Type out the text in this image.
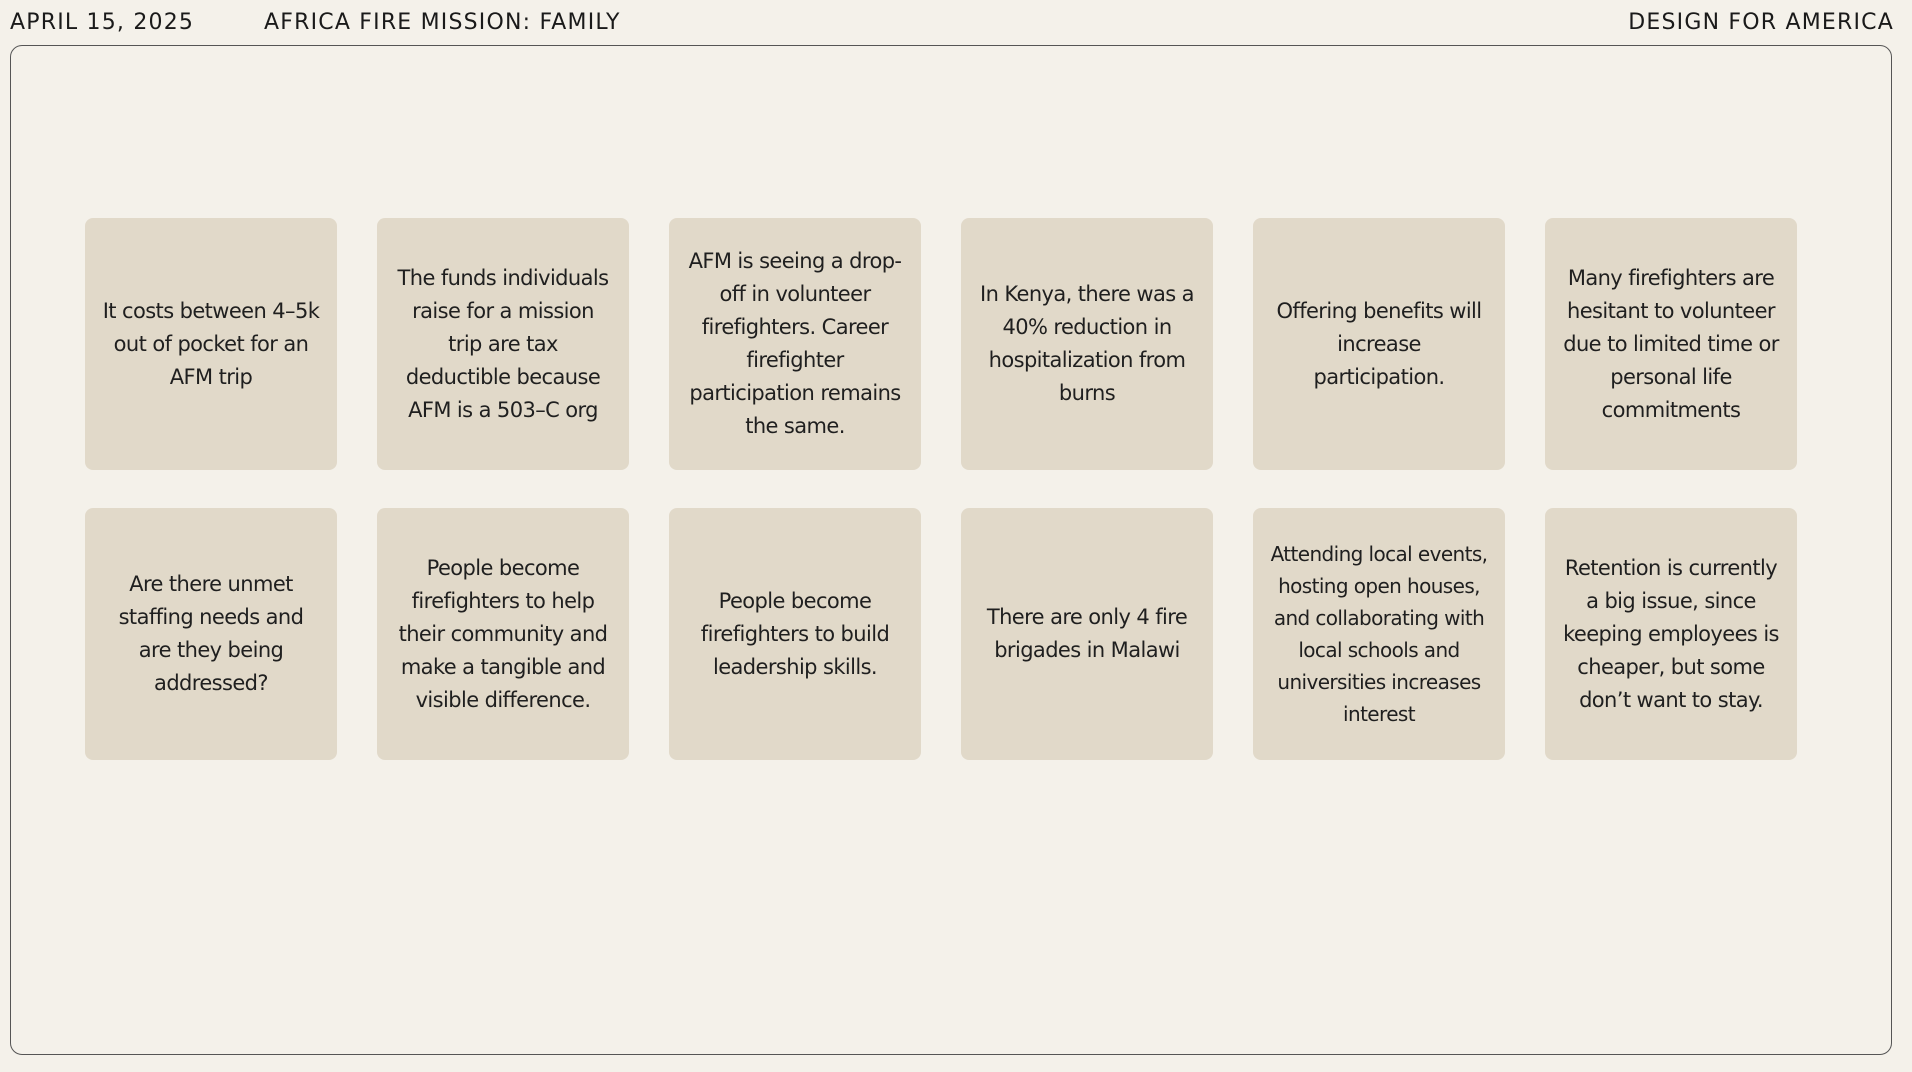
APRIL 15, 2025	AFRICA FIRE MISSION: FAMILY	DESIGN FOR AMERICA
It costs between 4–5k out of pocket for an AFM trip
The funds individuals raise for a mission trip are tax deductible because AFM is a 503–C org
AFM is seeing a drop-off in volunteer firefighters. Career firefighter participation remains the same.
In Kenya, there was a 40% reduction in hospitalization from burns
Offering benefits will increase participation.
Many firefighters are hesitant to volunteer due to limited time or personal life commitments
Are there unmet staffing needs and are they being addressed?
People become firefighters to help their community and make a tangible and visible difference.
People become firefighters to build leadership skills.
There are only 4 fire brigades in Malawi
Attending local events, hosting open houses, and collaborating with local schools and universities increases interest
Retention is currently a big issue, since keeping employees is cheaper, but some don’t want to stay.
